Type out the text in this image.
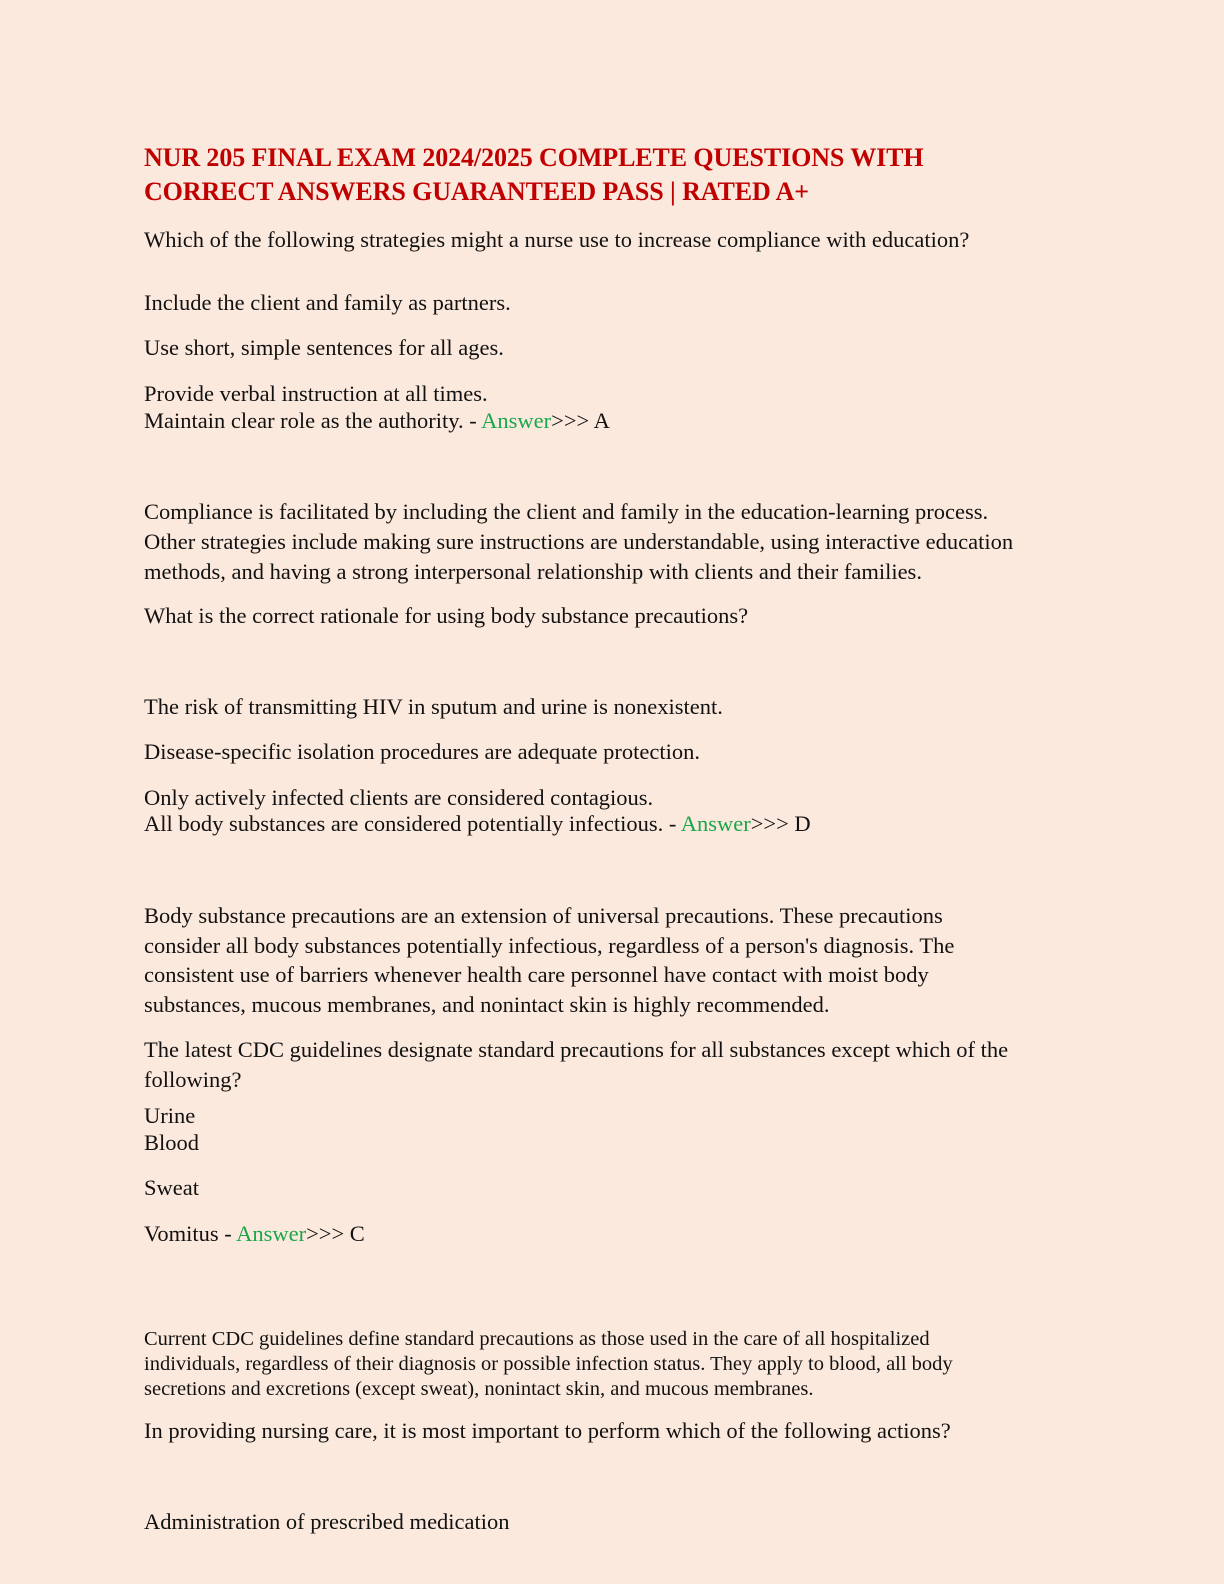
NUR 205 FINAL EXAM 2024/2025 COMPLETE QUESTIONS WITH
CORRECT ANSWERS GUARANTEED PASS | RATED A+
Which of the following strategies might a nurse use to increase compliance with education?
Include the client and family as partners.
Use short, simple sentences for all ages.
Provide verbal instruction at all times.
Maintain clear role as the authority. - Answer>>> A
Compliance is facilitated by including the client and family in the education-learning process.
Other strategies include making sure instructions are understandable, using interactive education
methods, and having a strong interpersonal relationship with clients and their families.
What is the correct rationale for using body substance precautions?
The risk of transmitting HIV in sputum and urine is nonexistent.
Disease-specific isolation procedures are adequate protection.
Only actively infected clients are considered contagious.
All body substances are considered potentially infectious. - Answer>>> D
Body substance precautions are an extension of universal precautions. These precautions
consider all body substances potentially infectious, regardless of a person's diagnosis. The
consistent use of barriers whenever health care personnel have contact with moist body
substances, mucous membranes, and nonintact skin is highly recommended.
The latest CDC guidelines designate standard precautions for all substances except which of the
following?
Urine
Blood
Sweat
Vomitus - Answer>>> C
Current CDC guidelines define standard precautions as those used in the care of all hospitalized
individuals, regardless of their diagnosis or possible infection status. They apply to blood, all body
secretions and excretions (except sweat), nonintact skin, and mucous membranes.
In providing nursing care, it is most important to perform which of the following actions?
Administration of prescribed medication
